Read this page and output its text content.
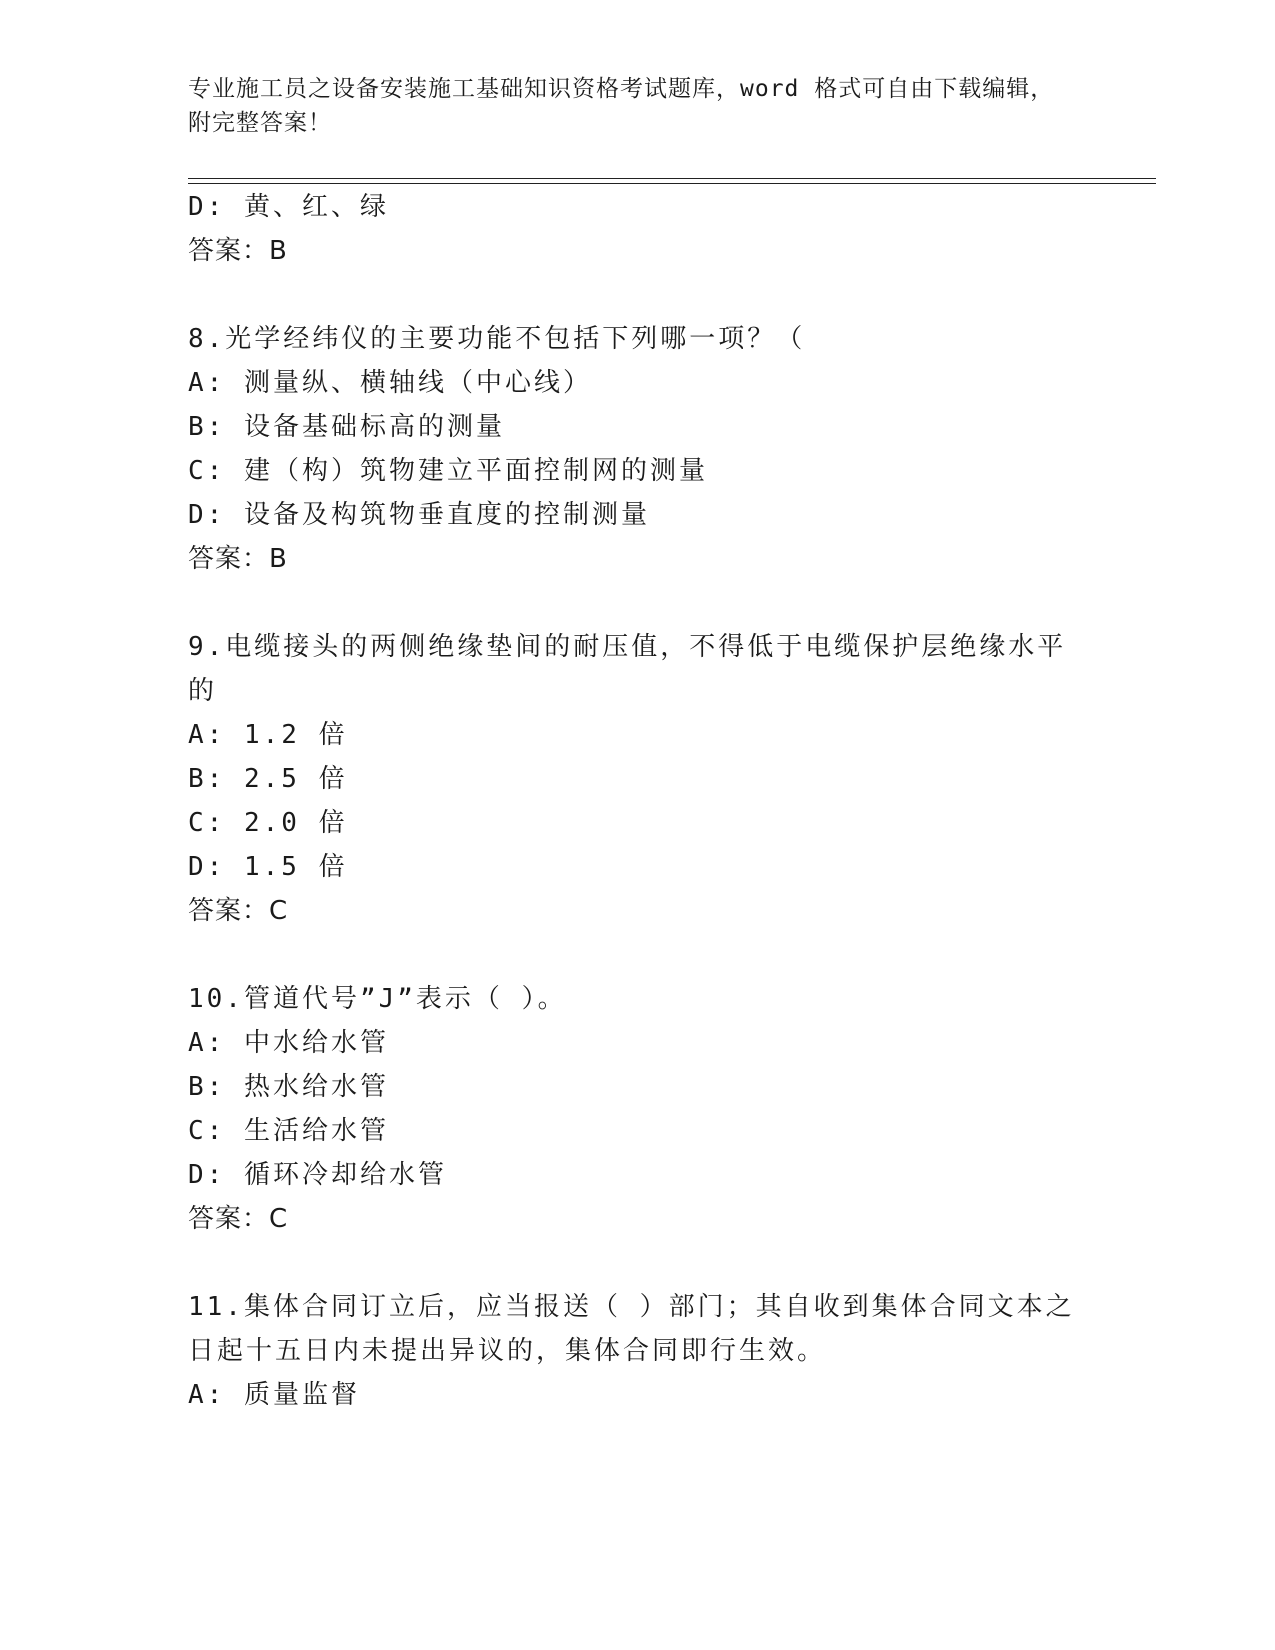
专业施工员之设备安装施工基础知识资格考试题库，word 格式可自由下载编辑，
附完整答案！
D: 黄、红、绿
答案：B
8.光学经纬仪的主要功能不包括下列哪一项？（
A: 测量纵、横轴线（中心线）
B: 设备基础标高的测量
C: 建（构）筑物建立平面控制网的测量
D: 设备及构筑物垂直度的控制测量
答案：B
9.电缆接头的两侧绝缘垫间的耐压值，不得低于电缆保护层绝缘水平
的
A: 1.2 倍
B: 2.5 倍
C: 2.0 倍
D: 1.5 倍
答案：C
10.管道代号”J”表示（ ）。
A: 中水给水管
B: 热水给水管
C: 生活给水管
D: 循环冷却给水管
答案：C
11.集体合同订立后，应当报送（ ）部门；其自收到集体合同文本之
日起十五日内未提出异议的，集体合同即行生效。
A: 质量监督
